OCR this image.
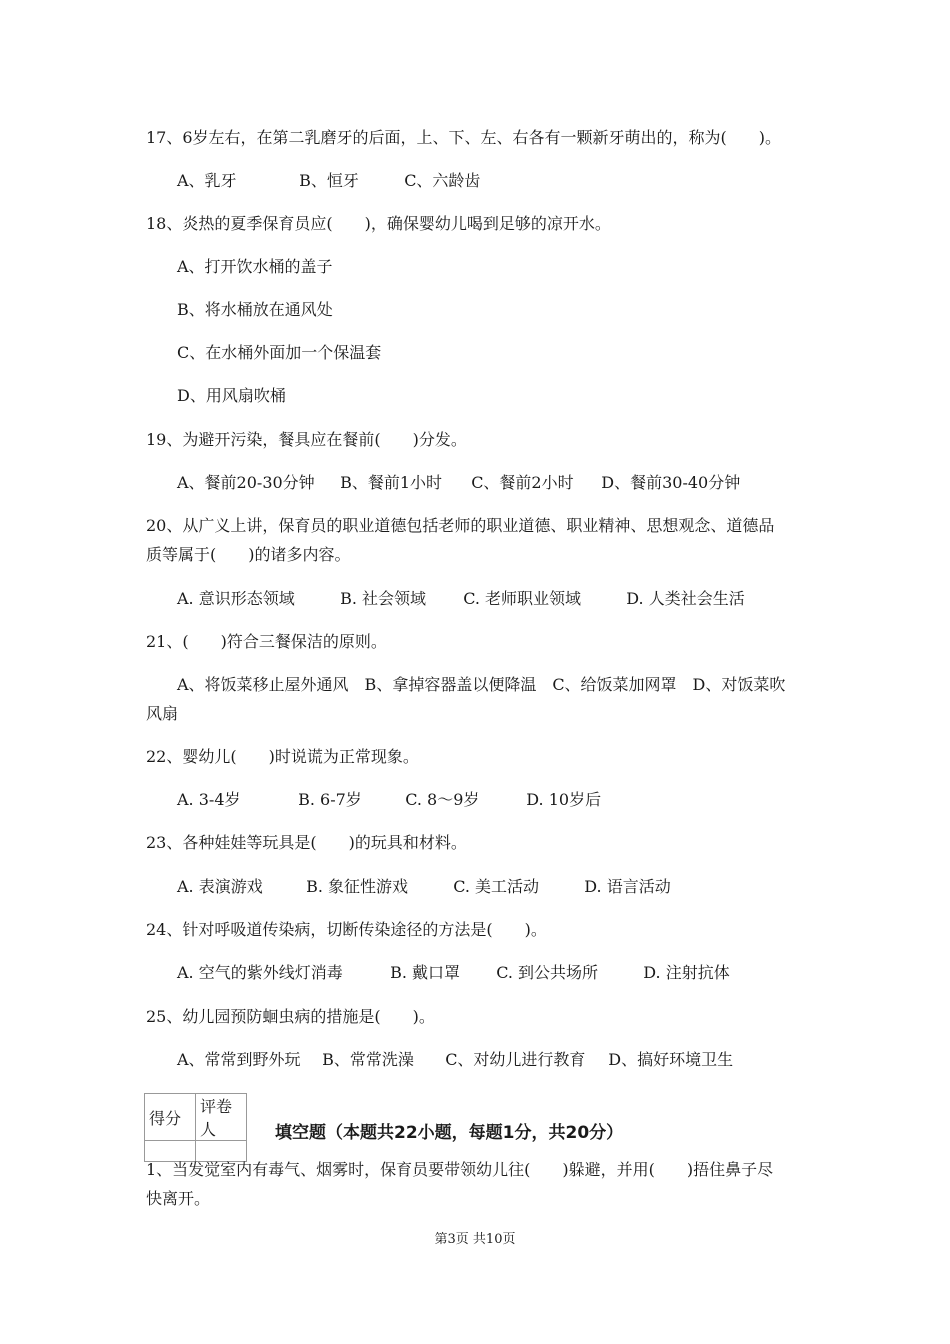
17、6岁左右，在第二乳磨牙的后面，上、下、左、右各有一颗新牙萌出的，称为(　　)。
A、乳牙	B、恒牙	C、六龄齿
18、炎热的夏季保育员应(　　)，确保婴幼儿喝到足够的凉开水。
A、打开饮水桶的盖子
B、将水桶放在通风处
C、在水桶外面加一个保温套
D、用风扇吹桶
19、为避开污染，餐具应在餐前(　　)分发。
A、餐前20-30分钟 B、餐前1小时 C、餐前2小时 D、餐前30-40分钟
20、从广义上讲，保育员的职业道德包括老师的职业道德、职业精神、思想观念、道德品
质等属于(　　)的诸多内容。
A. 意识形态领域	B. 社会领域 C. 老师职业领域	D. 人类社会生活
21、(　　)符合三餐保洁的原则。
A、将饭菜移止屋外通风　B、拿掉容器盖以便降温　C、给饭菜加网罩　D、对饭菜吹
风扇
22、婴幼儿(　　)时说谎为正常现象。
A. 3-4岁	B. 6-7岁	C. 8～9岁	D. 10岁后
23、各种娃娃等玩具是(　　)的玩具和材料。
A. 表演游戏	B. 象征性游戏	C. 美工活动	D. 语言活动
24、针对呼吸道传染病，切断传染途径的方法是(　　)。
A. 空气的紫外线灯消毒	B. 戴口罩 C. 到公共场所	D. 注射抗体
25、幼儿园预防蛔虫病的措施是(　　)。
A、常常到野外玩 B、常常洗澡 C、对幼儿进行教育 D、搞好环境卫生
得分	评卷人
		填空题（本题共22小题，每题1分，共20分）
1、当发觉室内有毒气、烟雾时，保育员要带领幼儿往(　　)躲避，并用(　　)捂住鼻子尽
快离开。
第3页 共10页
